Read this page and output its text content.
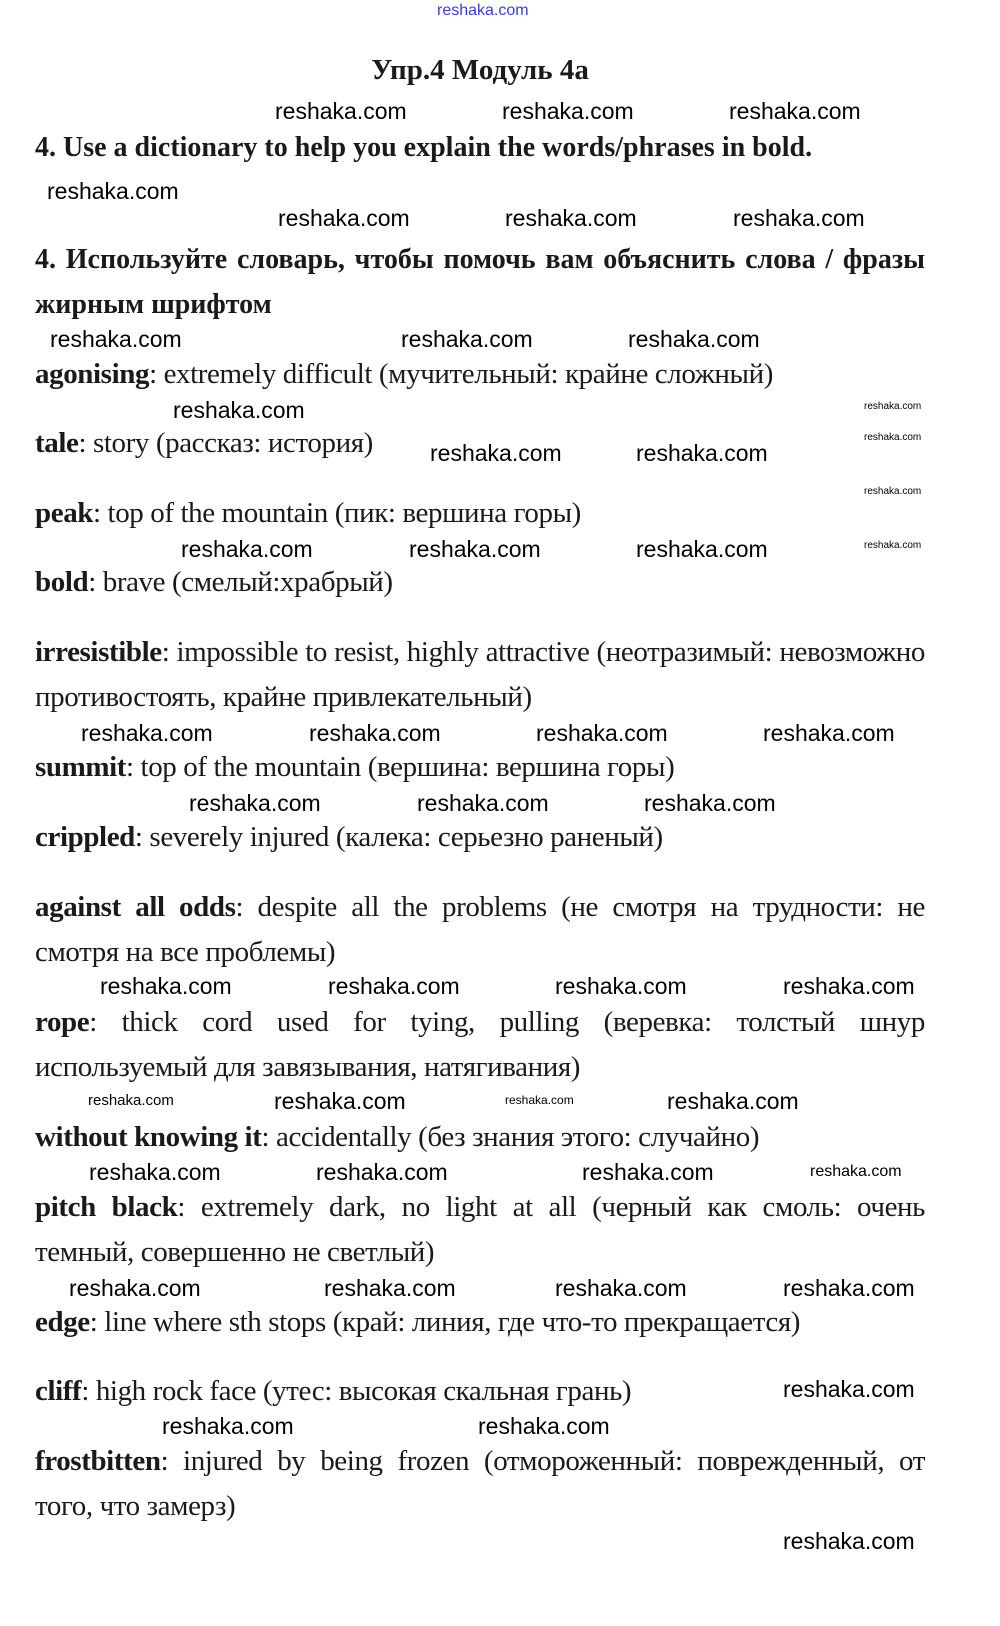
reshaka.com
Упр.4 Модуль 4а
4. Use a dictionary to help you explain the words/phrases in bold.
4. Используйте словарь, чтобы помочь вам объяснить слова / фразы жирным шрифтом
agonising: extremely difficult (мучительный: крайне сложный)
tale: story (рассказ: история)
peak: top of the mountain (пик: вершина горы)
bold: brave (смелый:храбрый)
irresistible: impossible to resist, highly attractive (неотразимый: невозможно противостоять, крайне привлекательный)
summit: top of the mountain (вершина: вершина горы)
crippled: severely injured (калека: серьезно раненый)
against all odds: despite all the problems (не смотря на трудности: не смотря на все проблемы)
rope: thick cord used for tying, pulling (веревка: толстый шнур используемый для завязывания, натягивания)
without knowing it: accidentally (без знания этого: случайно)
pitch black: extremely dark, no light at all (черный как смоль: очень темный, совершенно не светлый)
edge: line where sth stops (край: линия, где что-то прекращается)
cliff: high rock face (утес: высокая скальная грань)
frostbitten: injured by being frozen (отмороженный: поврежденный, от того, что замерз)
reshaka.com	reshaka.com	reshaka.com
reshaka.com
reshaka.com	reshaka.com	reshaka.com
reshaka.com	reshaka.com	reshaka.com
reshaka.com
reshaka.com
reshaka.com	reshaka.com
reshaka.com
reshaka.com
reshaka.com
reshaka.com	reshaka.com	reshaka.com
reshaka.com	reshaka.com	reshaka.com	reshaka.com
reshaka.com	reshaka.com
reshaka.com
reshaka.com	reshaka.com	reshaka.com	reshaka.com
reshaka.com	reshaka.com	reshaka.com	reshaka.com
reshaka.com	reshaka.com	reshaka.com	reshaka.com
reshaka.com	reshaka.com	reshaka.com	reshaka.com
reshaka.com
reshaka.com	reshaka.com
reshaka.com
